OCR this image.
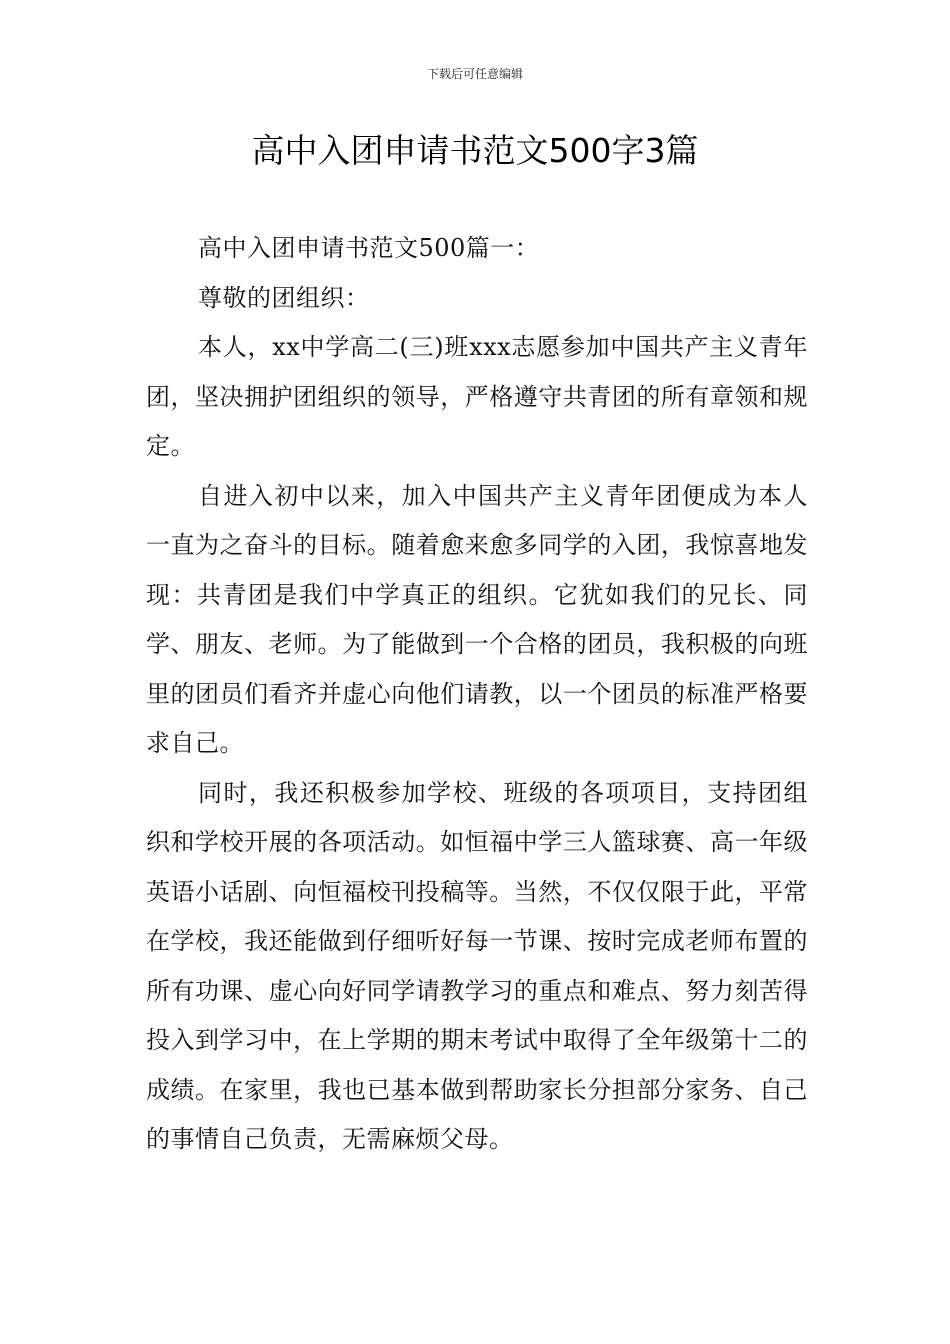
下载后可任意编辑
高中入团申请书范文500字3篇

高中入团申请书范文500篇一：

尊敬的团组织：

本人，xx中学高二(三)班xxx志愿参加中国共产主义青年团，坚决拥护团组织的领导，严格遵守共青团的所有章领和规定。

自进入初中以来，加入中国共产主义青年团便成为本人一直为之奋斗的目标。随着愈来愈多同学的入团，我惊喜地发现：共青团是我们中学真正的组织。它犹如我们的兄长、同学、朋友、老师。为了能做到一个合格的团员，我积极的向班里的团员们看齐并虚心向他们请教，以一个团员的标准严格要求自己。

同时，我还积极参加学校、班级的各项项目，支持团组织和学校开展的各项活动。如恒福中学三人篮球赛、高一年级英语小话剧、向恒福校刊投稿等。当然，不仅仅限于此，平常在学校，我还能做到仔细听好每一节课、按时完成老师布置的所有功课、虚心向好同学请教学习的重点和难点、努力刻苦得投入到学习中，在上学期的期末考试中取得了全年级第十二的成绩。在家里，我也已基本做到帮助家长分担部分家务、自己的事情自己负责，无需麻烦父母。
